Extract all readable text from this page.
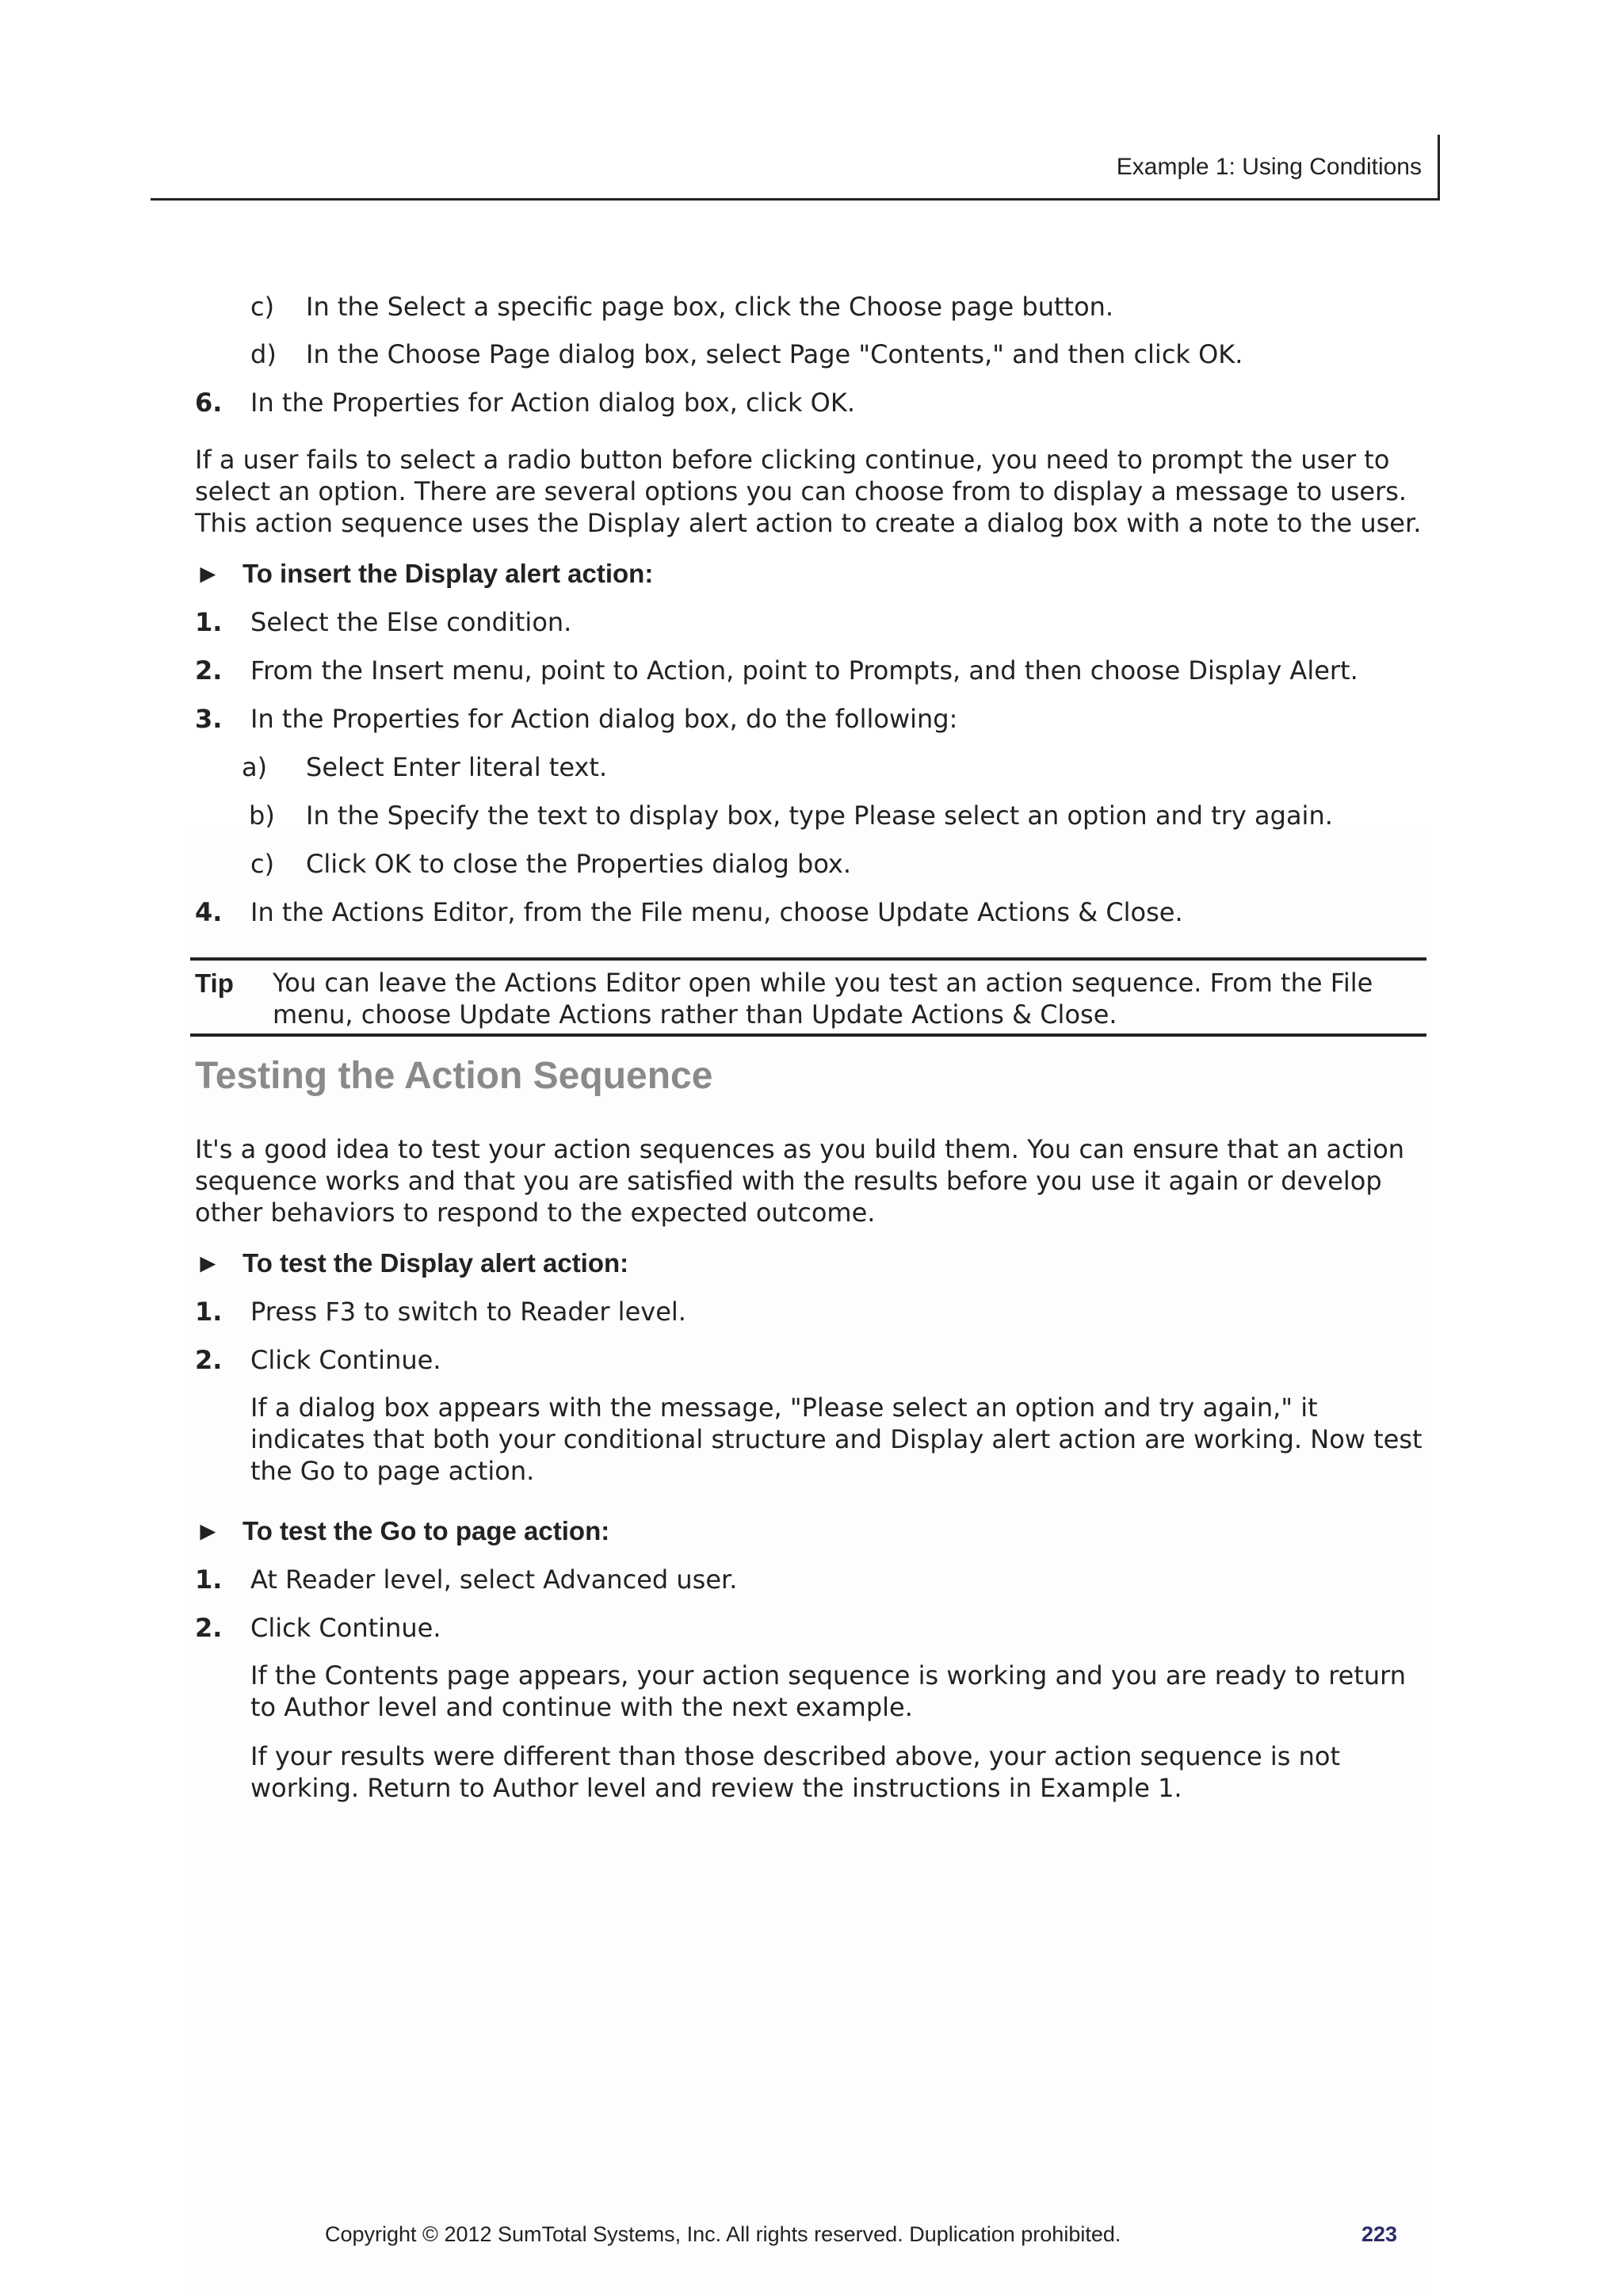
Example 1: Using Conditions
c) In the Select a specific page box, click the Choose page button.
d) In the Choose Page dialog box, select Page "Contents," and then click OK.
6. In the Properties for Action dialog box, click OK.
If a user fails to select a radio button before clicking continue, you need to prompt the user to select an option. There are several options you can choose from to display a message to users. This action sequence uses the Display alert action to create a dialog box with a note to the user.
► To insert the Display alert action:
1. Select the Else condition.
2. From the Insert menu, point to Action, point to Prompts, and then choose Display Alert.
3. In the Properties for Action dialog box, do the following:
a) Select Enter literal text.
b) In the Specify the text to display box, type Please select an option and try again.
c) Click OK to close the Properties dialog box.
4. In the Actions Editor, from the File menu, choose Update Actions & Close.
Tip You can leave the Actions Editor open while you test an action sequence. From the File menu, choose Update Actions rather than Update Actions & Close.
Testing the Action Sequence
It's a good idea to test your action sequences as you build them. You can ensure that an action sequence works and that you are satisfied with the results before you use it again or develop other behaviors to respond to the expected outcome.
► To test the Display alert action:
1. Press F3 to switch to Reader level.
2. Click Continue.
If a dialog box appears with the message, "Please select an option and try again," it indicates that both your conditional structure and Display alert action are working. Now test the Go to page action.
► To test the Go to page action:
1. At Reader level, select Advanced user.
2. Click Continue.
If the Contents page appears, your action sequence is working and you are ready to return to Author level and continue with the next example.
If your results were different than those described above, your action sequence is not working. Return to Author level and review the instructions in Example 1.
Copyright © 2012 SumTotal Systems, Inc. All rights reserved. Duplication prohibited.	223
